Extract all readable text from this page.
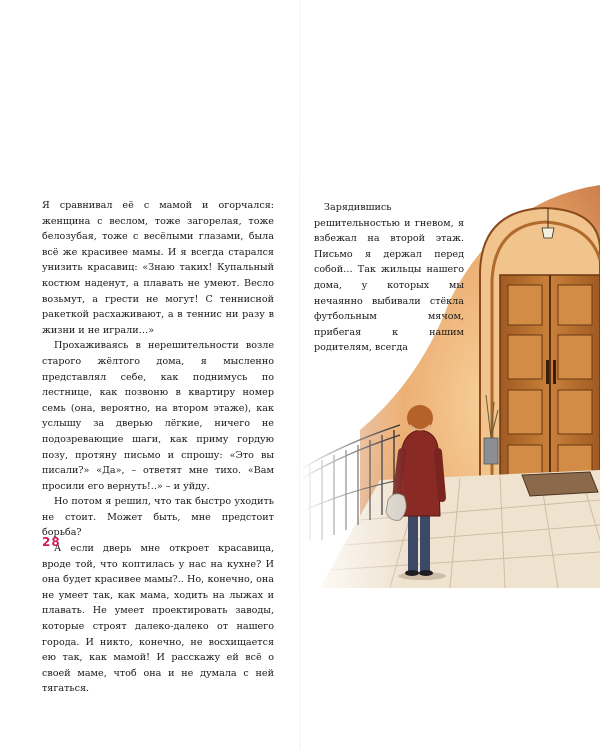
Я сравнивал её с мамой и огорчался: женщина с веслом, тоже загорелая, тоже белозубая, тоже с весёлыми глазами, была всё же красивее мамы. И я всегда старался унизить красавиц: «Знаю таких! Купальный костюм наденут, а плавать не умеют. Весло возьмут, а грести не могут! С теннисной ракеткой расхаживают, а в теннис ни разу в жизни и не играли…»

Прохаживаясь в нерешительности возле старого жёлтого дома, я мысленно представлял себе, как поднимусь по лестнице, как позвоню в квартиру номер семь (она, вероятно, на втором этаже), как услышу за дверью лёгкие, ничего не подозревающие шаги, как приму гордую позу, протяну письмо и спрошу: «Это вы писали?» «Да», – ответят мне тихо. «Вам просили его вернуть!..» – и уйду.

Но потом я решил, что так быстро уходить не стоит. Может быть, мне предстоит борьба?

А если дверь мне откроет красавица, вроде той, что коптилась у нас на кухне? И она будет красивее мамы?.. Но, конечно, она не умеет так, как мама, ходить на лыжах и плавать. Не умеет проектировать заводы, которые строят далеко-далеко от нашего города. И никто, конечно, не восхищается ею так, как мамой! И расскажу ей всё о своей маме, чтоб она и не думала с ней тягаться.

28

Зарядившись решительностью и гневом, я взбежал на второй этаж. Письмо я держал перед собой… Так жильцы нашего дома, у которых мы нечаянно выбивали стёкла футбольным мячом, прибегая к нашим родителям, всегда
